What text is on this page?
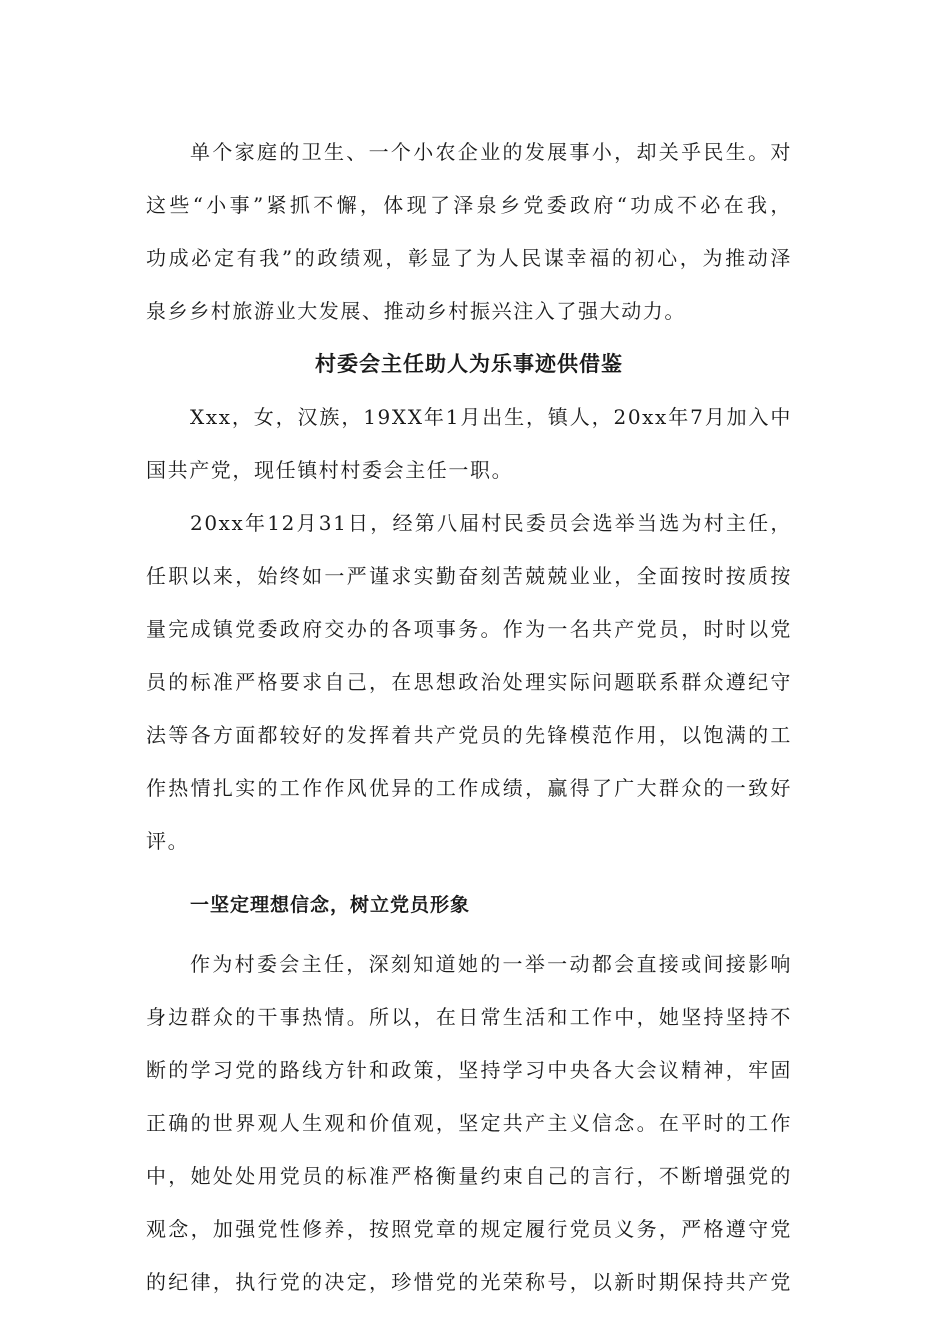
单个家庭的卫生、一个小农企业的发展事小，却关乎民生。对
这些“小事”紧抓不懈，体现了泽泉乡党委政府“功成不必在我，
功成必定有我”的政绩观，彰显了为人民谋幸福的初心，为推动泽
泉乡乡村旅游业大发展、推动乡村振兴注入了强大动力。
村委会主任助人为乐事迹供借鉴
Xxx，女，汉族，19XX年1月出生，镇人，20xx年7月加入中
国共产党，现任镇村村委会主任一职。
20xx年12月31日，经第八届村民委员会选举当选为村主任，
任职以来，始终如一严谨求实勤奋刻苦兢兢业业，全面按时按质按
量完成镇党委政府交办的各项事务。作为一名共产党员，时时以党
员的标准严格要求自己，在思想政治处理实际问题联系群众遵纪守
法等各方面都较好的发挥着共产党员的先锋模范作用，以饱满的工
作热情扎实的工作作风优异的工作成绩，赢得了广大群众的一致好
评。
一坚定理想信念，树立党员形象
作为村委会主任，深刻知道她的一举一动都会直接或间接影响
身边群众的干事热情。所以，在日常生活和工作中，她坚持坚持不
断的学习党的路线方针和政策，坚持学习中央各大会议精神，牢固
正确的世界观人生观和价值观，坚定共产主义信念。在平时的工作
中，她处处用党员的标准严格衡量约束自己的言行，不断增强党的
观念，加强党性修养，按照党章的规定履行党员义务，严格遵守党
的纪律，执行党的决定，珍惜党的光荣称号，以新时期保持共产党
